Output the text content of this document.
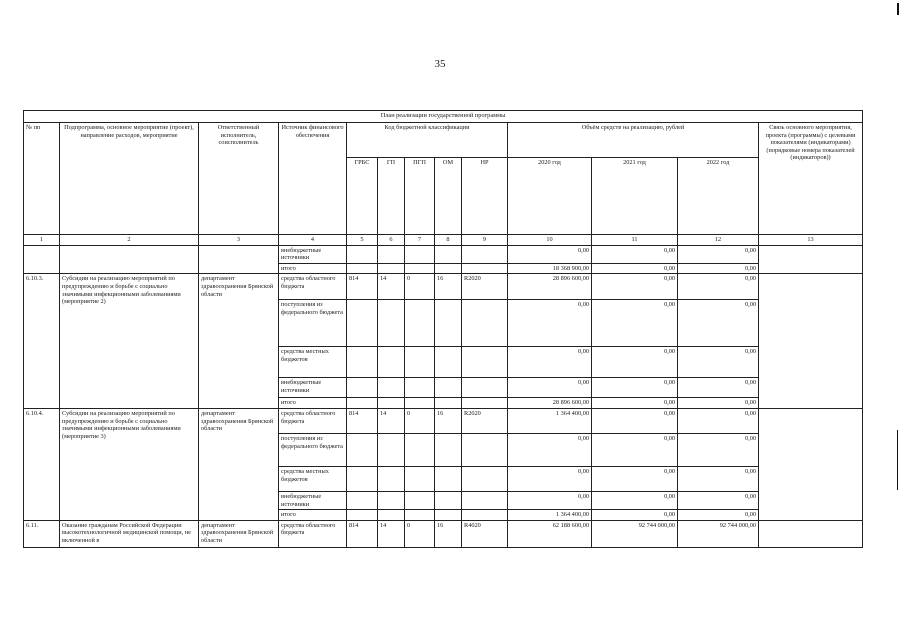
35
План реализации государственной программы												
№ пп	Подпрограмма, основное мероприятие (проект), направление расходов, мероприятие	Ответственный исполнитель, соисполнитель	Источник финансового обеспечения	Код бюджетной классификации					Объём средств на реализацию, рублей			Связь основного мероприятия, проекта (программы) с целевыми показателями (индикаторами) (порядковые номера показателей (индикаторов))
				ГРБС	ГП	ПГП	ОМ	НР	2020 год	2021 год	2022 год	
1	2	3	4	5	6	7	8	9	10	11	12	13
			внебюджетные источники						0,00	0,00	0,00	
			итого						18 368 900,00	0,00	0,00	
6.10.3.	Субсидии на реализацию мероприятий по предупреждению и борьбе с социально значимыми инфекционными заболеваниями (мероприятие 2)	департамент здравоохранения Брянской области	средства областного бюджета	814	14	0	16	R2020	28 896 600,00	0,00	0,00	
			поступления из федерального бюджета						0,00	0,00	0,00	
			средства местных бюджетов						0,00	0,00	0,00	
			внебюджетные источники						0,00	0,00	0,00	
			итого						28 896 600,00	0,00	0,00	
6.10.4.	Субсидии на реализацию мероприятий по предупреждению и борьбе с социально значимыми инфекционными заболеваниями (мероприятие 3)	департамент здравоохранения Брянской области	средства областного бюджета	814	14	0	16	R2020	1 364 400,00	0,00	0,00	
			поступления из федерального бюджета						0,00	0,00	0,00	
			средства местных бюджетов						0,00	0,00	0,00	
			внебюджетные источники						0,00	0,00	0,00	
			итого						1 364 400,00	0,00	0,00	
6.11.	Оказание гражданам Российской Федерации высокотехнологичной медицинской помощи, не включенной в	департамент здравоохранения Брянской области	средства областного бюджета	814	14	0	16	R4020	62 188 600,00	92 744 000,00	92 744 000,00	
